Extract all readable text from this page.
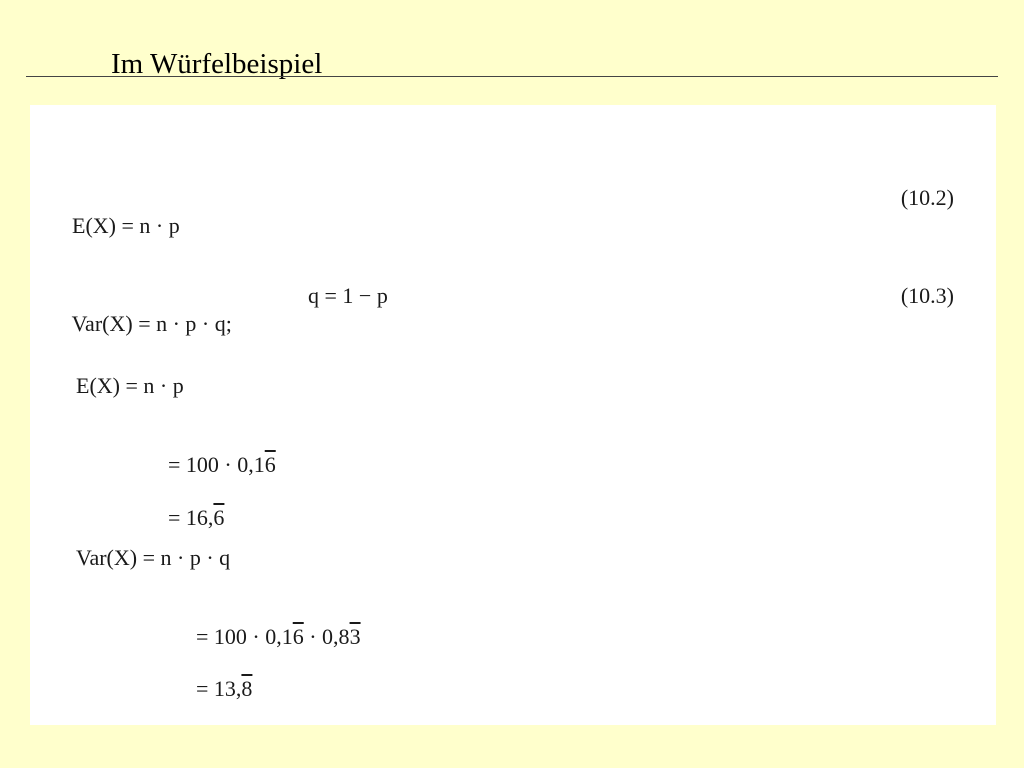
Im Würfelbeispiel

E(X) = n · p

(10.2)

Var(X) = n · p · q;

q = 1 − p	(10.3)
E(X) = n · p

= 100 · 0,16

= 16,6

Var(X) = n · p · q

= 100 · 0,16 · 0,83

= 13,8
